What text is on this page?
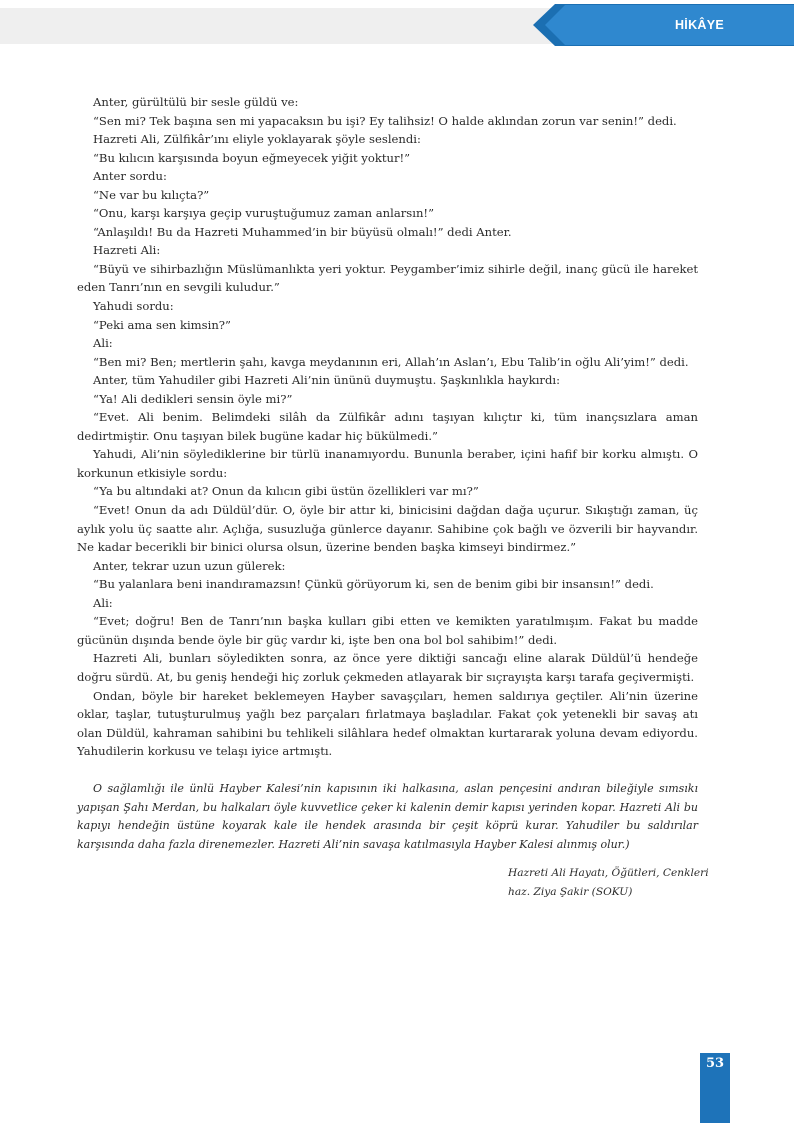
HİKÂYE

Anter, gürültülü bir sesle güldü ve:

“Sen mi? Tek başına sen mi yapacaksın bu işi? Ey talihsiz! O halde aklından zorun var senin!” dedi.

Hazreti Ali, Zülfikâr’ını eliyle yoklayarak şöyle seslendi:

“Bu kılıcın karşısında boyun eğmeyecek yiğit yoktur!”

Anter sordu:

“Ne var bu kılıçta?”

“Onu, karşı karşıya geçip vuruştuğumuz zaman anlarsın!”

“Anlaşıldı! Bu da Hazreti Muhammed’in bir büyüsü olmalı!” dedi Anter.

Hazreti Ali:

“Büyü ve sihirbazlığın Müslümanlıkta yeri yoktur. Peygamber’imiz sihirle değil, inanç gücü ile hareket eden Tanrı’nın en sevgili kuludur.”

Yahudi sordu:

“Peki ama sen kimsin?”

Ali:

“Ben mi? Ben; mertlerin şahı, kavga meydanının eri, Allah’ın Aslan’ı, Ebu Talib’in oğlu Ali’yim!” dedi.

Anter, tüm Yahudiler gibi Hazreti Ali’nin ününü duymuştu. Şaşkınlıkla haykırdı:

“Ya! Ali dedikleri sensin öyle mi?”

“Evet. Ali benim. Belimdeki silâh da Zülfikâr adını taşıyan kılıçtır ki, tüm inançsızlara aman dedirtmiştir. Onu taşıyan bilek bugüne kadar hiç bükülmedi.”

Yahudi, Ali’nin söylediklerine bir türlü inanamıyordu. Bununla beraber, içini hafif bir korku almıştı. O korkunun etkisiyle sordu:

“Ya bu altındaki at? Onun da kılıcın gibi üstün özellikleri var mı?”

“Evet! Onun da adı Düldül’dür. O, öyle bir attır ki, binicisini dağdan dağa uçurur. Sıkıştığı zaman, üç aylık yolu üç saatte alır. Açlığa, susuzluğa günlerce dayanır. Sahibine çok bağlı ve özverili bir hayvandır. Ne kadar becerikli bir binici olursa olsun, üzerine benden başka kimseyi bindirmez.”

Anter, tekrar uzun uzun gülerek:

“Bu yalanlara beni inandıramazsın! Çünkü görüyorum ki, sen de benim gibi bir insansın!” dedi.

Ali:

“Evet; doğru! Ben de Tanrı’nın başka kulları gibi etten ve kemikten yaratılmışım. Fakat bu madde gücünün dışında bende öyle bir güç vardır ki, işte ben ona bol bol sahibim!” dedi.

Hazreti Ali, bunları söyledikten sonra, az önce yere diktiği sancağı eline alarak Düldül’ü hendeğe doğru sürdü. At, bu geniş hendeği hiç zorluk çekmeden atlayarak bir sıçrayışta karşı tarafa geçivermişti.

Ondan, böyle bir hareket beklemeyen Hayber savaşçıları, hemen saldırıya geçtiler. Ali’nin üzerine oklar, taşlar, tutuşturulmuş yağlı bez parçaları fırlatmaya başladılar. Fakat çok yetenekli bir savaş atı olan Düldül, kahraman sahibini bu tehlikeli silâhlara hedef olmaktan kurtararak yoluna devam ediyordu. Yahudilerin korkusu ve telaşı iyice artmıştı.

O sağlamlığı ile ünlü Hayber Kalesi’nin kapısının iki halkasına, aslan pençesini andıran bileğiyle sımsıkı yapışan Şahı Merdan, bu halkaları öyle kuvvetlice çeker ki kalenin demir kapısı yerinden kopar. Hazreti Ali bu kapıyı hendeğin üstüne koyarak kale ile hendek arasında bir çeşit köprü kurar. Yahudiler bu saldırılar karşısında daha fazla direnemezler. Hazreti Ali’nin savaşa katılmasıyla Hayber Kalesi alınmış olur.)

Hazreti Ali Hayatı, Öğütleri, Cenkleri
haz. Ziya Şakir (SOKU)
53
